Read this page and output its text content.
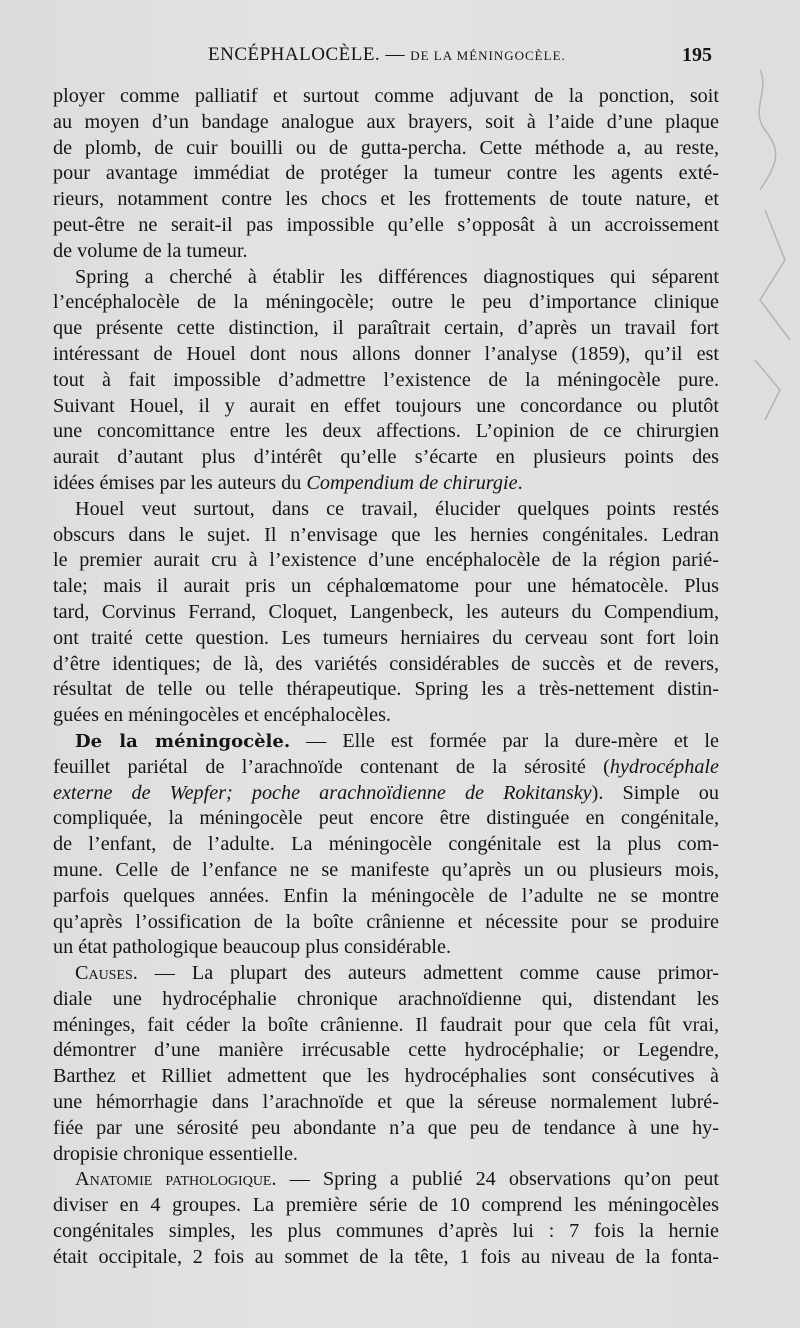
ENCÉPHALOCÈLE. — DE LA MÉNINGOCÈLE.	195
ployer comme palliatif et surtout comme adjuvant de la ponction, soit
au moyen d’un bandage analogue aux brayers, soit à l’aide d’une plaque
de plomb, de cuir bouilli ou de gutta-percha. Cette méthode a, au reste,
pour avantage immédiat de protéger la tumeur contre les agents exté-
rieurs, notamment contre les chocs et les frottements de toute nature, et
peut-être ne serait-il pas impossible qu’elle s’opposât à un accroissement
de volume de la tumeur.
Spring a cherché à établir les différences diagnostiques qui séparent
l’encéphalocèle de la méningocèle; outre le peu d’importance clinique
que présente cette distinction, il paraîtrait certain, d’après un travail fort
intéressant de Houel dont nous allons donner l’analyse (1859), qu’il est
tout à fait impossible d’admettre l’existence de la méningocèle pure.
Suivant Houel, il y aurait en effet toujours une concordance ou plutôt
une concomittance entre les deux affections. L’opinion de ce chirurgien
aurait d’autant plus d’intérêt qu’elle s’écarte en plusieurs points des
idées émises par les auteurs du Compendium de chirurgie.
Houel veut surtout, dans ce travail, élucider quelques points restés
obscurs dans le sujet. Il n’envisage que les hernies congénitales. Ledran
le premier aurait cru à l’existence d’une encéphalocèle de la région parié-
tale; mais il aurait pris un céphalœmatome pour une hématocèle. Plus
tard, Corvinus Ferrand, Cloquet, Langenbeck, les auteurs du Compendium,
ont traité cette question. Les tumeurs herniaires du cerveau sont fort loin
d’être identiques; de là, des variétés considérables de succès et de revers,
résultat de telle ou telle thérapeutique. Spring les a très-nettement distin-
guées en méningocèles et encéphalocèles.
De la méningocèle. — Elle est formée par la dure-mère et le
feuillet pariétal de l’arachnoïde contenant de la sérosité (hydrocéphale
externe de Wepfer; poche arachnoïdienne de Rokitansky). Simple ou
compliquée, la méningocèle peut encore être distinguée en congénitale,
de l’enfant, de l’adulte. La méningocèle congénitale est la plus com-
mune. Celle de l’enfance ne se manifeste qu’après un ou plusieurs mois,
parfois quelques années. Enfin la méningocèle de l’adulte ne se montre
qu’après l’ossification de la boîte crânienne et nécessite pour se produire
un état pathologique beaucoup plus considérable.
Causes. — La plupart des auteurs admettent comme cause primor-
diale une hydrocéphalie chronique arachnoïdienne qui, distendant les
méninges, fait céder la boîte crânienne. Il faudrait pour que cela fût vrai,
démontrer d’une manière irrécusable cette hydrocéphalie; or Legendre,
Barthez et Rilliet admettent que les hydrocéphalies sont consécutives à
une hémorrhagie dans l’arachnoïde et que la séreuse normalement lubré-
fiée par une sérosité peu abondante n’a que peu de tendance à une hy-
dropisie chronique essentielle.
Anatomie pathologique. — Spring a publié 24 observations qu’on peut
diviser en 4 groupes. La première série de 10 comprend les méningocèles
congénitales simples, les plus communes d’après lui : 7 fois la hernie
était occipitale, 2 fois au sommet de la tête, 1 fois au niveau de la fonta-
